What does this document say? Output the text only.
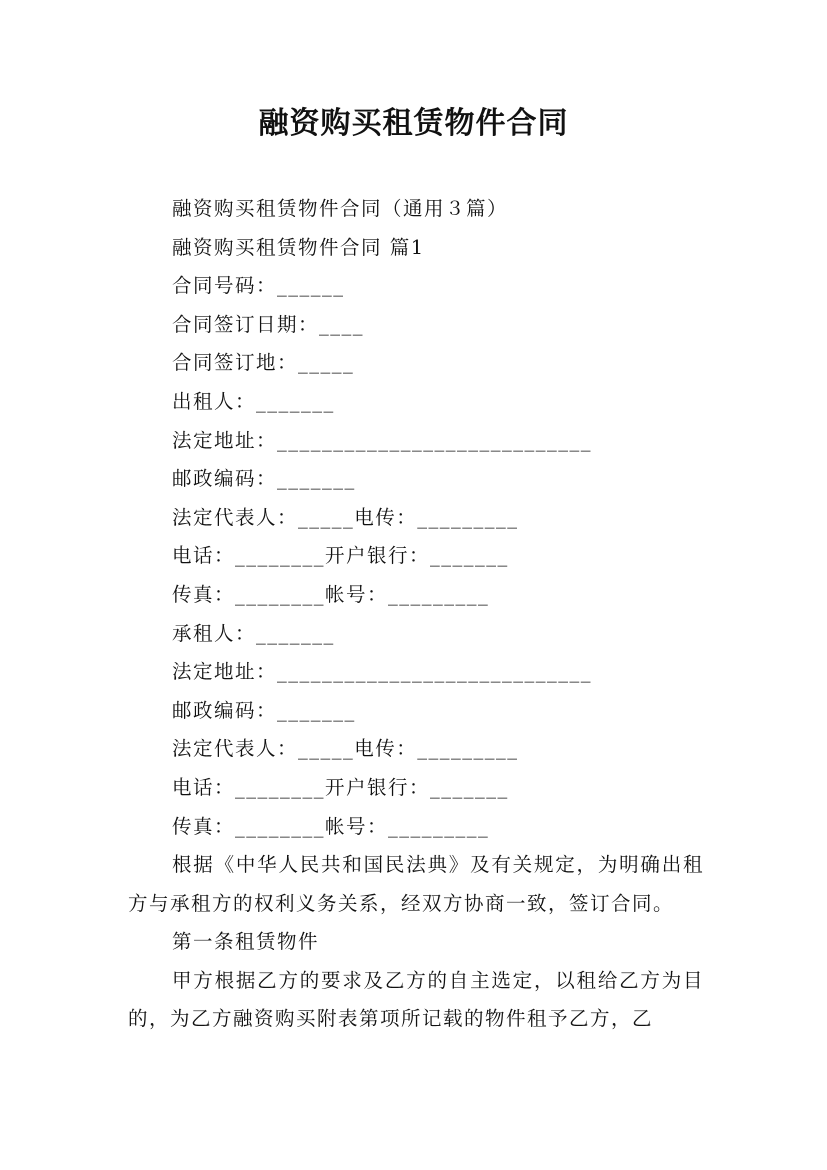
融资购买租赁物件合同
融资购买租赁物件合同（通用３篇）
融资购买租赁物件合同 篇1
合同号码：______
合同签订日期：____
合同签订地：_____
出租人：_______
法定地址：____________________________
邮政编码：_______
法定代表人：_____电传：_________
电话：________开户银行：_______
传真：________帐号：_________
承租人：_______
法定地址：____________________________
邮政编码：_______
法定代表人：_____电传：_________
电话：________开户银行：_______
传真：________帐号：_________
根据《中华人民共和国民法典》及有关规定，为明确出租方与承租方的权利义务关系，经双方协商一致，签订合同。
第一条租赁物件
甲方根据乙方的要求及乙方的自主选定，以租给乙方为目的，为乙方融资购买附表第项所记载的物件租予乙方，乙
